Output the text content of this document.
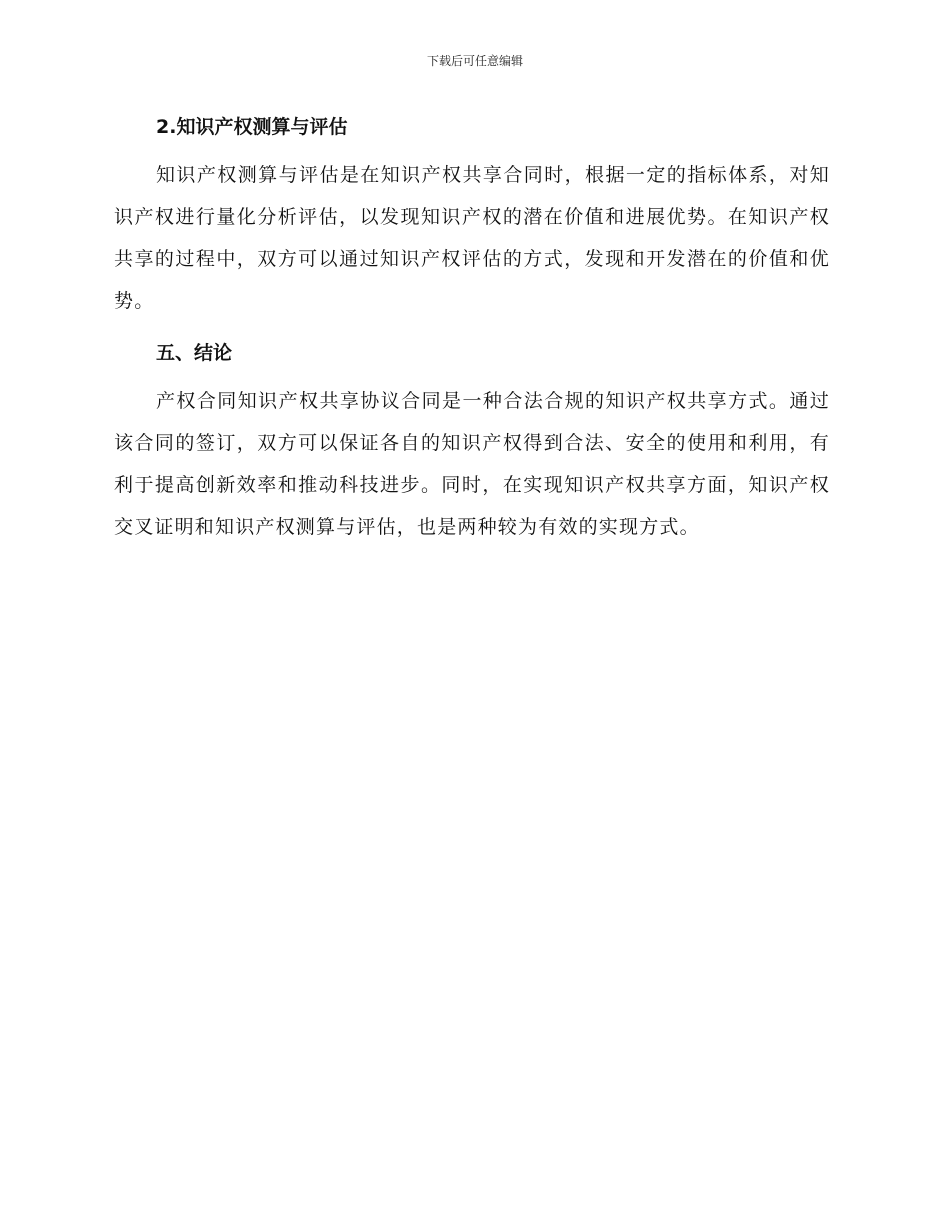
下载后可任意编辑
2.知识产权测算与评估

知识产权测算与评估是在知识产权共享合同时，根据一定的指标体系，对知识产权进行量化分析评估，以发现知识产权的潜在价值和进展优势。在知识产权共享的过程中，双方可以通过知识产权评估的方式，发现和开发潜在的价值和优势。

五、结论

产权合同知识产权共享协议合同是一种合法合规的知识产权共享方式。通过该合同的签订，双方可以保证各自的知识产权得到合法、安全的使用和利用，有利于提高创新效率和推动科技进步。同时，在实现知识产权共享方面，知识产权交叉证明和知识产权测算与评估，也是两种较为有效的实现方式。
